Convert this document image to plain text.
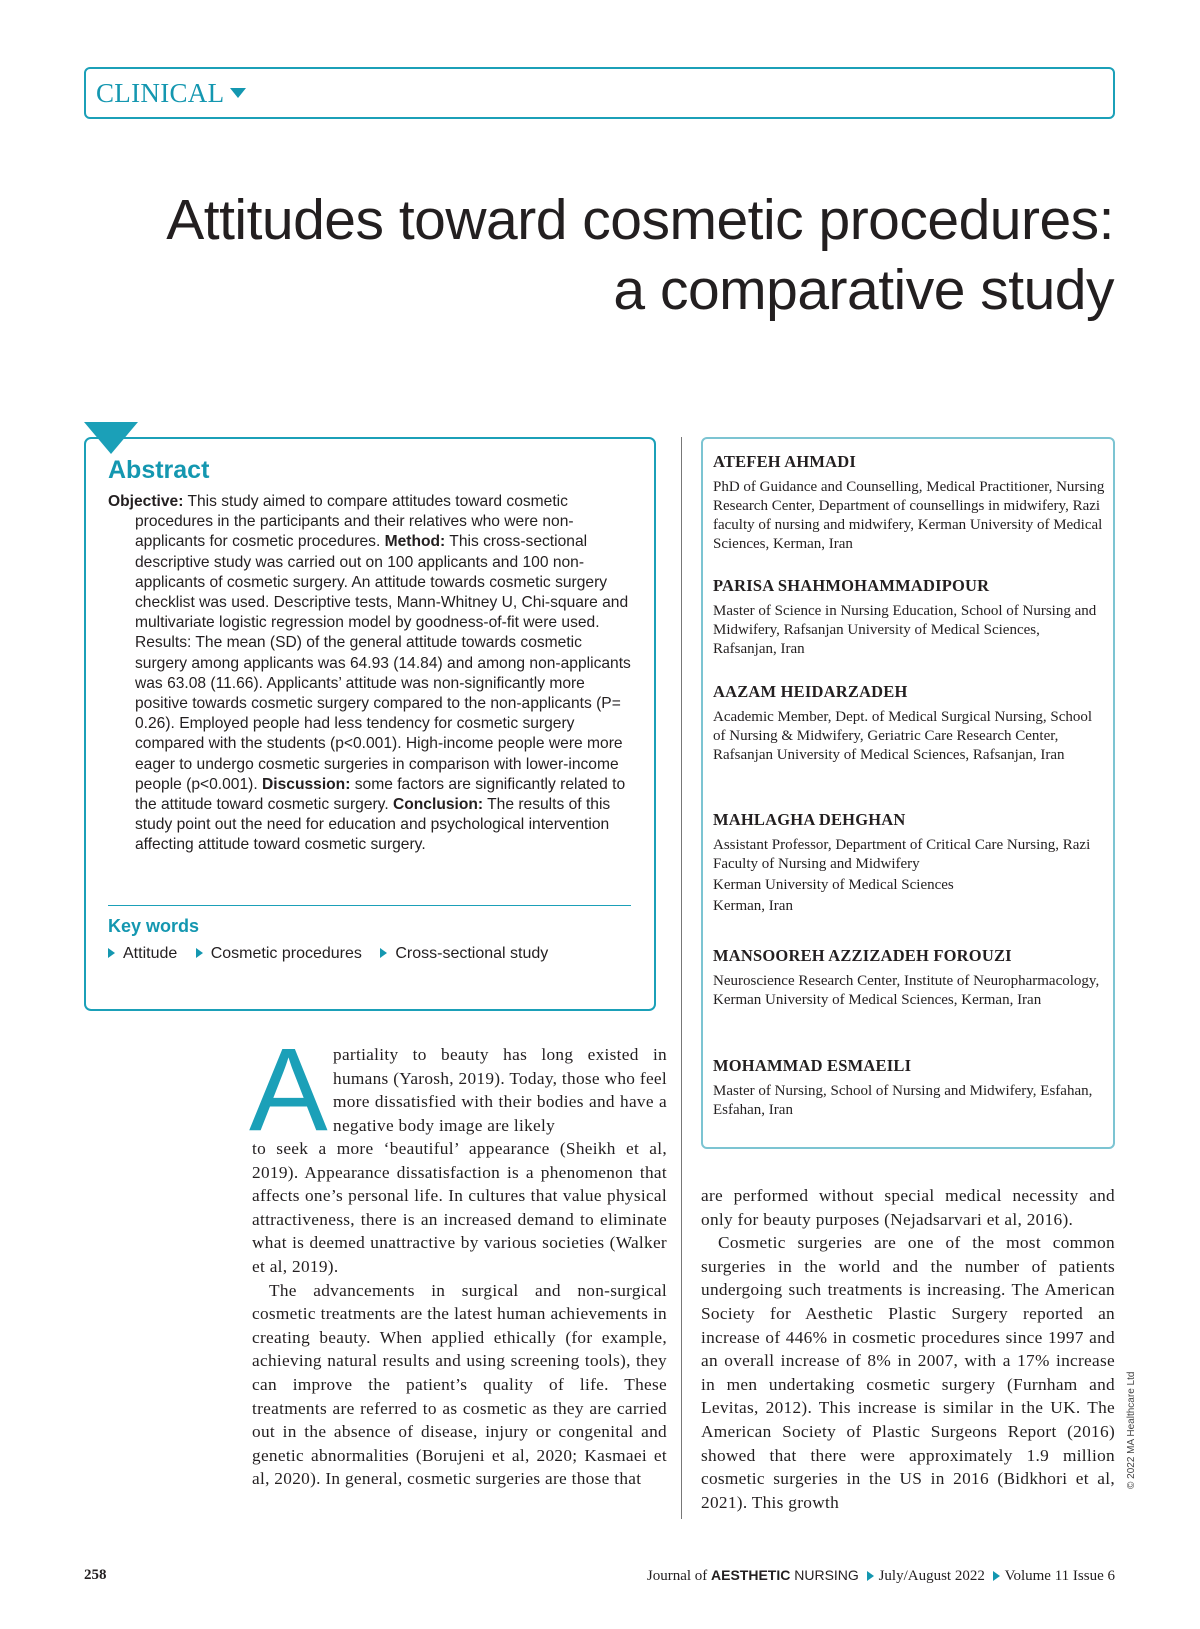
CLINICAL
Attitudes toward cosmetic procedures:
a comparative study
Abstract
Objective: This study aimed to compare attitudes toward cosmetic procedures in the participants and their relatives who were non-applicants for cosmetic procedures. Method: This cross-sectional descriptive study was carried out on 100 applicants and 100 non-applicants of cosmetic surgery. An attitude towards cosmetic surgery checklist was used. Descriptive tests, Mann-Whitney U, Chi-square and multivariate logistic regression model by goodness-of-fit were used. Results: The mean (SD) of the general attitude towards cosmetic surgery among applicants was 64.93 (14.84) and among non-applicants was 63.08 (11.66). Applicants’ attitude was non-significantly more positive towards cosmetic surgery compared to the non-applicants (P= 0.26). Employed people had less tendency for cosmetic surgery compared with the students (p<0.001). High-income people were more eager to undergo cosmetic surgeries in comparison with lower-income people (p<0.001). Discussion: some factors are significantly related to the attitude toward cosmetic surgery. Conclusion: The results of this study point out the need for education and psychological intervention affecting attitude toward cosmetic surgery.
Key words
Attitude Cosmetic procedures Cross-sectional study
ATEFEH AHMADI
PhD of Guidance and Counselling, Medical Practitioner, Nursing Research Center, Department of counsellings in midwifery, Razi faculty of nursing and midwifery, Kerman University of Medical Sciences, Kerman, Iran
PARISA SHAHMOHAMMADIPOUR
Master of Science in Nursing Education, School of Nursing and Midwifery, Rafsanjan University of Medical Sciences, Rafsanjan, Iran
AAZAM HEIDARZADEH
Academic Member, Dept. of Medical Surgical Nursing, School of Nursing & Midwifery, Geriatric Care Research Center, Rafsanjan University of Medical Sciences, Rafsanjan, Iran
MAHLAGHA DEHGHAN
Assistant Professor, Department of Critical Care Nursing, Razi Faculty of Nursing and Midwifery
Kerman University of Medical Sciences
Kerman, Iran
MANSOOREH AZZIZADEH FOROUZI
Neuroscience Research Center, Institute of Neuropharmacology, Kerman University of Medical Sciences, Kerman, Iran
MOHAMMAD ESMAEILI
Master of Nursing, School of Nursing and Midwifery, Esfahan, Esfahan, Iran
A partiality to beauty has long existed in humans (Yarosh, 2019). Today, those who feel more dissatisfied with their bodies and have a negative body image are likely

to seek a more ‘beautiful’ appearance (Sheikh et al, 2019). Appearance dissatisfaction is a phenomenon that affects one’s personal life. In cultures that value physical attractiveness, there is an increased demand to eliminate what is deemed unattractive by various societies (Walker et al, 2019).

The advancements in surgical and non-surgical cosmetic treatments are the latest human achievements in creating beauty. When applied ethically (for example, achieving natural results and using screening tools), they can improve the patient’s quality of life. These treatments are referred to as cosmetic as they are carried out in the absence of disease, injury or congenital and genetic abnormalities (Borujeni et al, 2020; Kasmaei et al, 2020). In general, cosmetic surgeries are those that

are performed without special medical necessity and only for beauty purposes (Nejadsarvari et al, 2016).

Cosmetic surgeries are one of the most common surgeries in the world and the number of patients undergoing such treatments is increasing. The American Society for Aesthetic Plastic Surgery reported an increase of 446% in cosmetic procedures since 1997 and an overall increase of 8% in 2007, with a 17% increase in men undertaking cosmetic surgery (Furnham and Levitas, 2012). This increase is similar in the UK. The American Society of Plastic Surgeons Report (2016) showed that there were approximately 1.9 million cosmetic surgeries in the US in 2016 (Bidkhori et al, 2021). This growth

© 2022 MA Healthcare Ltd
258	Journal of AESTHETIC NURSING July/August 2022 Volume 11 Issue 6
